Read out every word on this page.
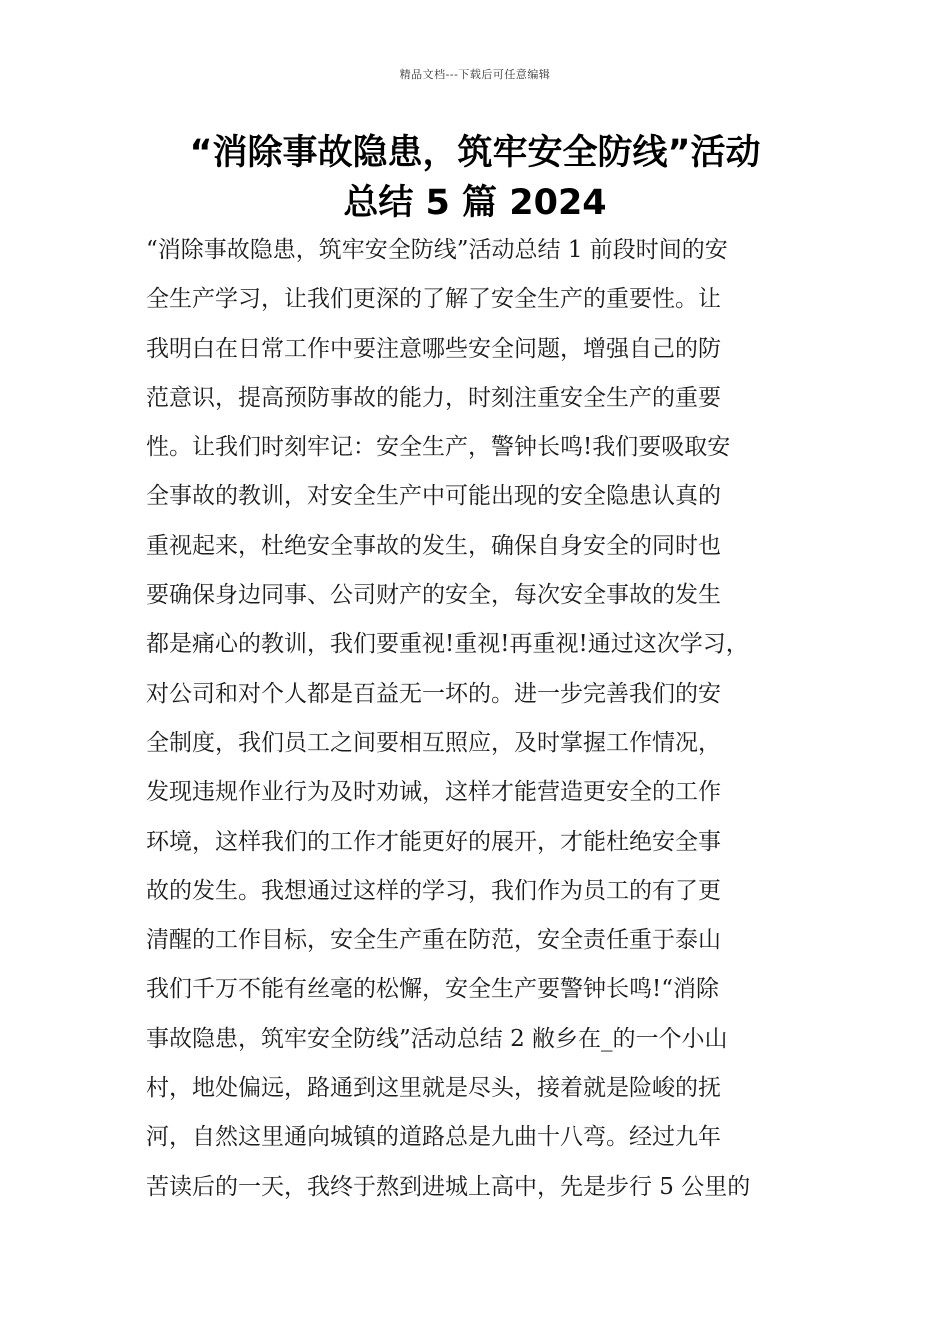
精品文档---下载后可任意编辑
“消除事故隐患，筑牢安全防线”活动
总结 5 篇 2024
“消除事故隐患，筑牢安全防线”活动总结 1 前段时间的安
全生产学习，让我们更深的了解了安全生产的重要性。让
我明白在日常工作中要注意哪些安全问题，增强自己的防
范意识，提高预防事故的能力，时刻注重安全生产的重要
性。让我们时刻牢记：安全生产，警钟长鸣!我们要吸取安
全事故的教训，对安全生产中可能出现的安全隐患认真的
重视起来，杜绝安全事故的发生，确保自身安全的同时也
要确保身边同事、公司财产的安全，每次安全事故的发生
都是痛心的教训，我们要重视!重视!再重视!通过这次学习，
对公司和对个人都是百益无一坏的。进一步完善我们的安
全制度，我们员工之间要相互照应，及时掌握工作情况，
发现违规作业行为及时劝诫，这样才能营造更安全的工作
环境，这样我们的工作才能更好的展开，才能杜绝安全事
故的发生。我想通过这样的学习，我们作为员工的有了更
清醒的工作目标，安全生产重在防范，安全责任重于泰山
我们千万不能有丝毫的松懈，安全生产要警钟长鸣!“消除
事故隐患，筑牢安全防线”活动总结 2 敝乡在_的一个小山
村，地处偏远，路通到这里就是尽头，接着就是险峻的抚
河，自然这里通向城镇的道路总是九曲十八弯。经过九年
苦读后的一天，我终于熬到进城上高中，先是步行 5 公里的
